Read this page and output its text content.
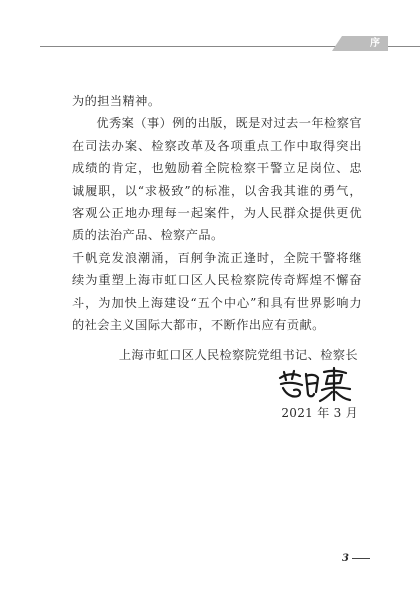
序

为的担当精神。

优秀案（事）例的出版，既是对过去一年检察官在司法办案、检察改革及各项重点工作中取得突出成绩的肯定，也勉励着全院检察干警立足岗位、忠诚履职，以“求极致”的标准，以舍我其谁的勇气，客观公正地办理每一起案件，为人民群众提供更优质的法治产品、检察产品。

千帆竞发浪潮涌，百舸争流正逢时，全院干警将继续为重塑上海市虹口区人民检察院传奇辉煌不懈奋斗，为加快上海建设“五个中心”和具有世界影响力的社会主义国际大都市，不断作出应有贡献。

上海市虹口区人民检察院党组书记、检察长
2021 年 3 月
3
